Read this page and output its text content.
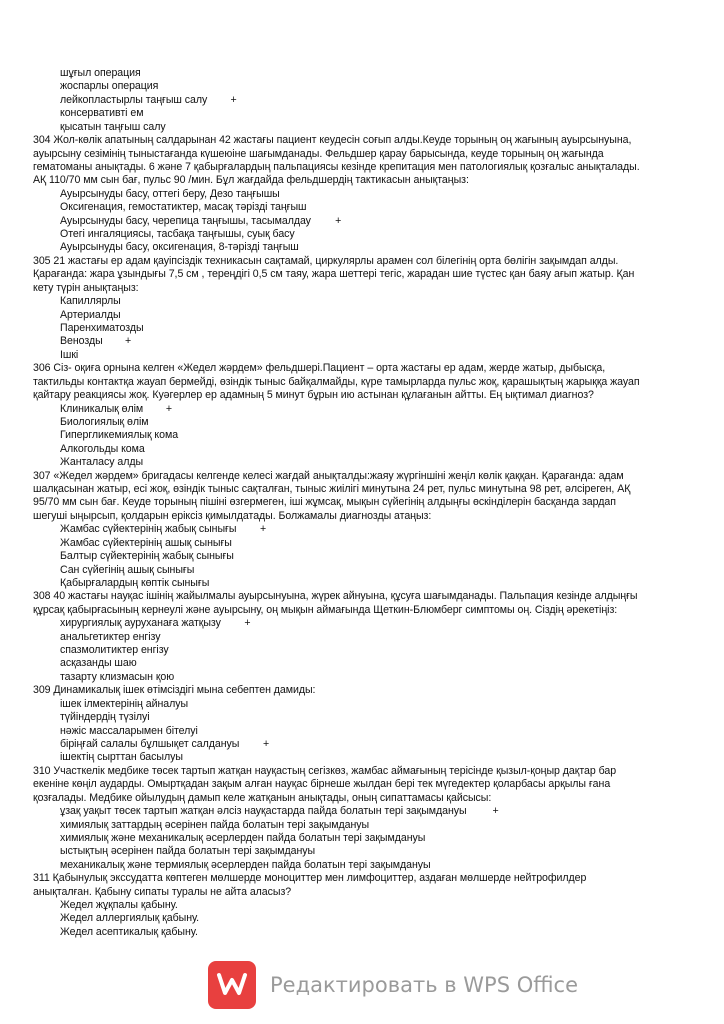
шұғыл операция
жоспарлы операция
лейкопластырлы таңғыш салу +
консервативті ем
қысатын таңғыш салу
304 Жол-көлік апатының салдарынан 42 жастағы пациент кеудесін соғып алды.Кеуде торының оң жағының ауырсынуына,
ауырсыну сезімінің тыныстағанда күшеюіне шағымданады. Фельдшер қарау барысында, кеуде торының оң жағында
гематоманы анықтады. 6 және 7 қабырғалардың пальпациясы кезінде крепитация мен патологиялық қозғалыс анықталады.
АҚ 110/70 мм сын бағ, пульс 90 /мин. Бұл жағдайда фельдшердің тактикасын анықтаңыз:
Ауырсынуды басу, оттегі беру, Дезо таңғышы
Оксигенация, гемостатиктер, масақ тәрізді таңғыш
Ауырсынуды басу, черепица таңғышы, тасымалдау +
Отегі ингаляциясы, тасбақа таңғышы, суық басу
Ауырсынуды басу, оксигенация, 8-тәрізді таңғыш
305 21 жастағы ер адам қауіпсіздік техникасын сақтамай, циркулярлы арамен сол білегінің орта бөлігін зақымдап алды.
Қарағанда: жара ұзындығы 7,5 см , тереңдігі 0,5 см таяу, жара шеттері тегіс, жарадан шие түстес қан баяу ағып жатыр. Қан
кету түрін анықтаңыз:
Капиллярлы
Артериалды
Паренхиматозды
Венозды +
Ішкі
306 Сіз- оқиға орнына келген «Жедел жәрдем» фельдшері.Пациент – орта жастағы ер адам, жерде жатыр, дыбысқа,
тактильды контактқа жауап бермейді, өзіндік тыныс байқалмайды, күре тамырларда пульс жоқ, қарашықтың жарыққа жауап
қайтару реакциясы жоқ. Куәгерлер ер адамның 5 минут бұрын ию астынан құлағанын айтты. Ең ықтимал диагноз?
Клиникалық өлім +
Биологиялық өлім
Гипергликемиялық кома
Алкогольды кома
Жанталасу алды
307 «Жедел жәрдем» бригадасы келгенде келесі жағдай анықталды:жаяу жүргіншіні жеңіл көлік қаққан. Қарағанда: адам
шалқасынан жатыр, есі жоқ, өзіндік тыныс сақталған, тыныс жиілігі минутына 24 рет, пульс минутына 98 рет, әлсіреген, АҚ
95/70 мм сын бағ. Кеуде торының пішіні өзгермеген, іші жұмсақ, мықын сүйегінің алдыңғы өскінділерін басқанда зардап
шегуші ыңырсып, қолдарын еріксіз қимылдатады. Болжамалы диагнозды атаңыз:
Жамбас сүйектерінің жабық сынығы +
Жамбас сүйектерінің ашық сынығы
Балтыр сүйектерінің жабық сынығы
Сан сүйегінің ашық сынығы
Қабырғалардың көптік сынығы
308 40 жастағы науқас ішінің жайылмалы ауырсынуына, жүрек айнуына, құсуға шағымданады. Пальпация кезінде алдыңғы
құрсақ қабырғасының кернеулі және ауырсыну, оң мықын аймағында Щеткин-Блюмберг симптомы оң. Сіздің әрекетіңіз:
хирургиялық ауруханаға жатқызу +
анальгетиктер енгізу
спазмолитиктер енгізу
асқазанды шаю
тазарту клизмасын қою
309 Динамикалық ішек өтімсіздігі мына себептен дамиды:
ішек ілмектерінің айналуы
түйіндердің түзілуі
нәжіс массаларымен бітелуі
біріңғай салалы бұлшықет салдануы +
ішектің сырттан басылуы
310 Участкелік медбике төсек тартып жатқан науқастың сегізкөз, жамбас аймағының терісінде қызыл-қоңыр дақтар бар
екеніне көңіл аударды. Омыртқадан зақым алған науқас бірнеше жылдан бері тек мүгедектер қоларбасы арқылы ғана
қозғалады. Медбике ойылудың дамып келе жатқанын анықтады, оның сипаттамасы қайсысы:
ұзақ уақыт төсек тартып жатқан әлсіз науқастарда пайда болатын тері зақымдануы +
химиялық заттардың әсерінен пайда болатын тері зақымдануы
химиялық және механикалық әсерлерден пайда болатын тері зақымдануы
ыстықтың әсерінен пайда болатын тері зақымдануы
механикалық және термиялық әсерлерден пайда болатын тері зақымдануы
311 Қабынулық экссудатта көптеген мөлшерде моноциттер мен лимфоциттер, аздаған мөлшерде нейтрофилдер
анықталған. Қабыну сипаты туралы не айта аласыз?
Жедел жұқпалы қабыну.
Жедел аллергиялық қабыну.
Жедел асептикалық қабыну.
Редактировать в WPS Office
